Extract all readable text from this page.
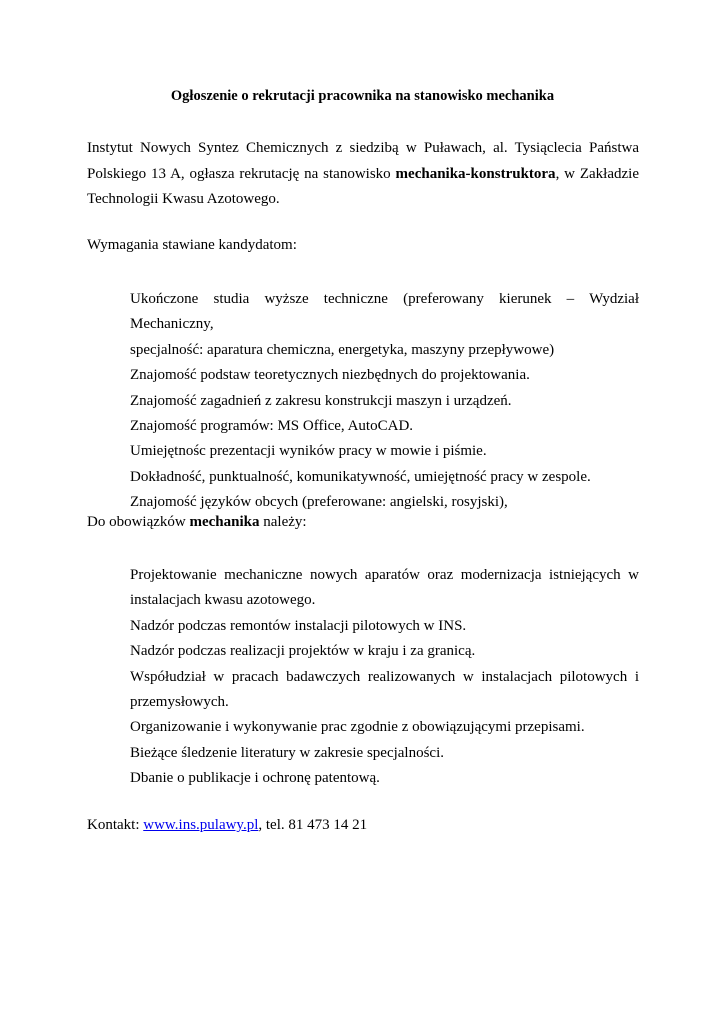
Ogłoszenie o rekrutacji pracownika na stanowisko mechanika
Instytut Nowych Syntez Chemicznych z siedzibą w Puławach, al. Tysiąclecia Państwa
Polskiego 13 A, ogłasza rekrutację na stanowisko mechanika-konstruktora, w Zakładzie
Technologii Kwasu Azotowego.
Wymagania stawiane kandydatom:
Ukończone studia wyższe techniczne (preferowany kierunek – Wydział Mechaniczny,
specjalność: aparatura chemiczna, energetyka, maszyny przepływowe)
Znajomość podstaw teoretycznych niezbędnych do projektowania.
Znajomość zagadnień z zakresu konstrukcji maszyn i urządzeń.
Znajomość programów: MS Office, AutoCAD.
Umiejętnośc prezentacji wyników pracy w mowie i piśmie.
Dokładność, punktualność, komunikatywność, umiejętność pracy w zespole.
Znajomość języków obcych (preferowane: angielski, rosyjski),
Do obowiązków mechanika należy:
Projektowanie mechaniczne nowych aparatów oraz modernizacja istniejących w
instalacjach kwasu azotowego.
Nadzór podczas remontów instalacji pilotowych w INS.
Nadzór podczas realizacji projektów w kraju i za granicą.
Współudział w pracach badawczych realizowanych w instalacjach pilotowych i
przemysłowych.
Organizowanie i wykonywanie prac zgodnie z obowiązującymi przepisami.
Bieżące śledzenie literatury w zakresie specjalności.
Dbanie o publikacje i ochronę patentową.
Kontakt: www.ins.pulawy.pl, tel. 81 473 14 21
